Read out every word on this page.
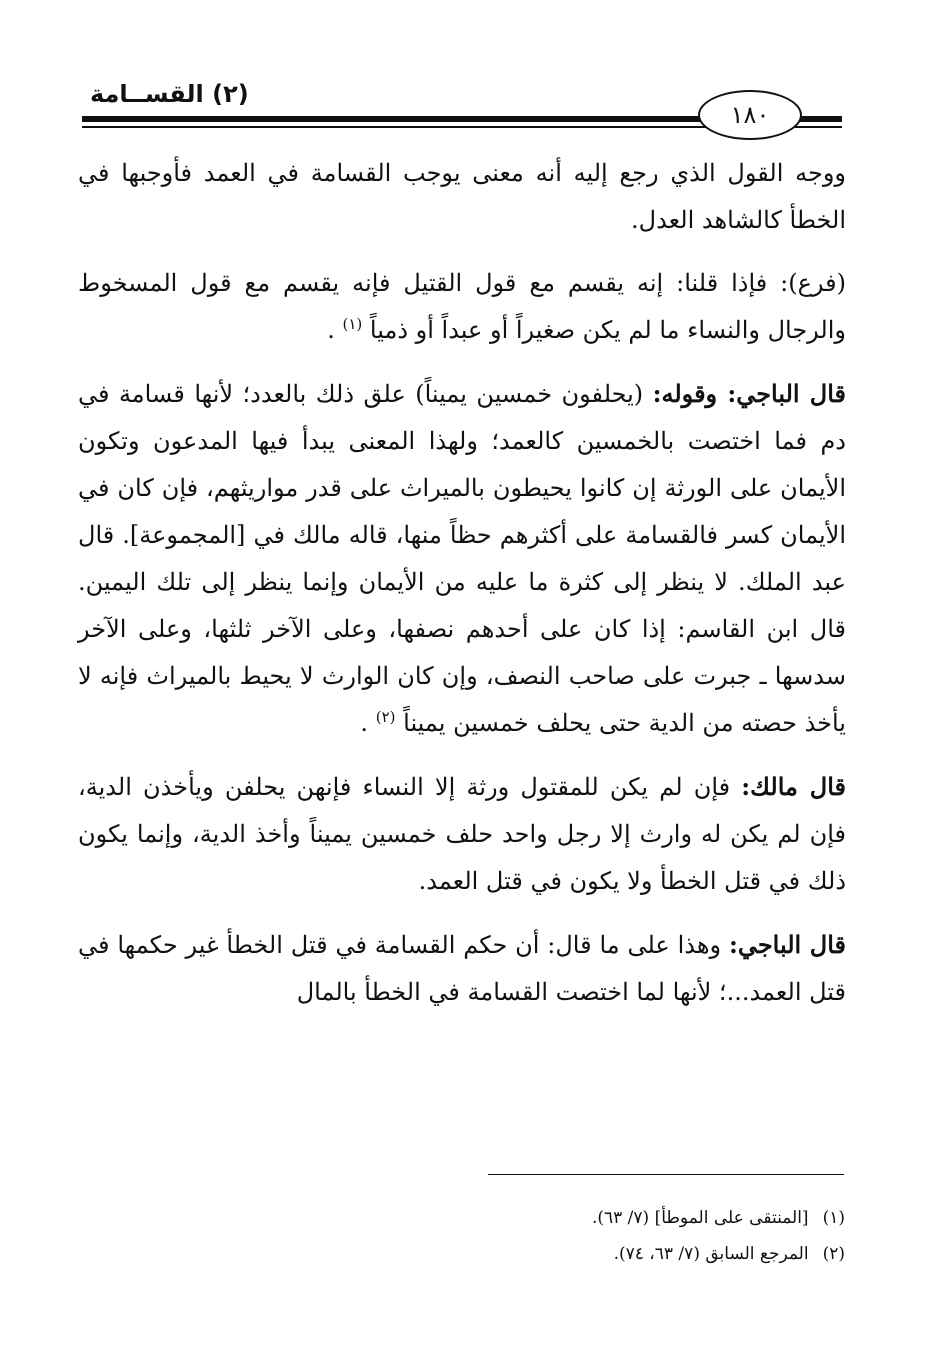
(٢) القســامة
١٨٠

ووجه القول الذي رجع إليه أنه معنى يوجب القسامة في العمد فأوجبها في الخطأ كالشاهد العدل.

(فرع): فإذا قلنا: إنه يقسم مع قول القتيل فإنه يقسم مع قول المسخوط والرجال والنساء ما لم يكن صغيراً أو عبداً أو ذمياً $^{(١)}$ .

قال الباجي: وقوله: (يحلفون خمسين يميناً) علق ذلك بالعدد؛ لأنها قسامة في دم فما اختصت بالخمسين كالعمد؛ ولهذا المعنى يبدأ فيها المدعون وتكون الأيمان على الورثة إن كانوا يحيطون بالميراث على قدر مواريثهم، فإن كان في الأيمان كسر فالقسامة على أكثرهم حظاً منها، قاله مالك في [المجموعة]. قال عبد الملك. لا ينظر إلى كثرة ما عليه من الأيمان وإنما ينظر إلى تلك اليمين. قال ابن القاسم: إذا كان على أحدهم نصفها، وعلى الآخر ثلثها، وعلى الآخر سدسها ـ جبرت على صاحب النصف، وإن كان الوارث لا يحيط بالميراث فإنه لا يأخذ حصته من الدية حتى يحلف خمسين يميناً $^{(٢)}$ .

قال مالك: فإن لم يكن للمقتول ورثة إلا النساء فإنهن يحلفن ويأخذن الدية، فإن لم يكن له وارث إلا رجل واحد حلف خمسين يميناً وأخذ الدية، وإنما يكون ذلك في قتل الخطأ ولا يكون في قتل العمد.

قال الباجي: وهذا على ما قال: أن حكم القسامة في قتل الخطأ غير حكمها في قتل العمد...؛ لأنها لما اختصت القسامة في الخطأ بالمال

(١)
[المنتقى على الموطأ] (٧/ ٦٣).
(٢)
المرجع السابق (٧/ ٦٣، ٧٤).
